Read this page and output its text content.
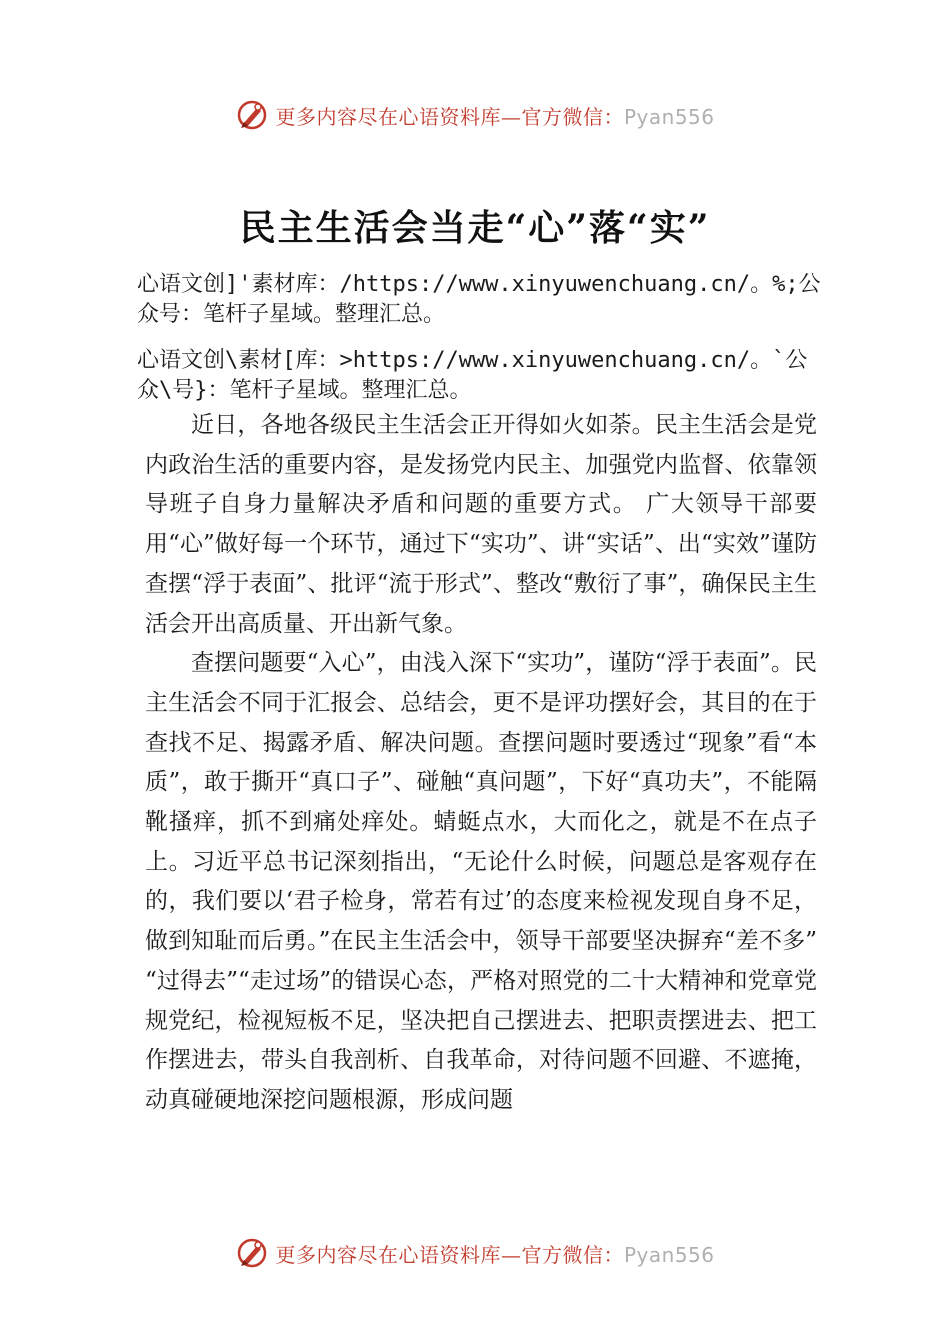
更多内容尽在心语资料库—官方微信：Pyan556
民主生活会当走“心”落“实”
心语文创]'素材库：/https://www.xinyuwenchuang.cn/。%;公众号：笔杆子星域。整理汇总。
心语文创\素材[库：>https://www.xinyuwenchuang.cn/。`公众\号}：笔杆子星域。整理汇总。

近日，各地各级民主生活会正开得如火如荼。民主生活会是党内政治生活的重要内容，是发扬党内民主、加强党内监督、依靠领导班子自身力量解决矛盾和问题的重要方式。 广大领导干部要用“心”做好每一个环节，通过下“实功”、讲“实话”、出“实效”谨防查摆“浮于表面”、批评“流于形式”、整改“敷衍了事”，确保民主生活会开出高质量、开出新气象。

查摆问题要“入心”，由浅入深下“实功”，谨防“浮于表面”。民主生活会不同于汇报会、总结会，更不是评功摆好会，其目的在于查找不足、揭露矛盾、解决问题。查摆问题时要透过“现象”看“本质”，敢于撕开“真口子”、碰触“真问题”，下好“真功夫”，不能隔靴搔痒，抓不到痛处痒处。蜻蜓点水，大而化之，就是不在点子上。习近平总书记深刻指出，“无论什么时候，问题总是客观存在的，我们要以‘君子检身，常若有过’的态度来检视发现自身不足，做到知耻而后勇。”在民主生活会中，领导干部要坚决摒弃“差不多” “过得去”“走过场”的错误心态，严格对照党的二十大精神和党章党规党纪，检视短板不足，坚决把自己摆进去、把职责摆进去、把工作摆进去，带头自我剖析、自我革命，对待问题不回避、不遮掩，动真碰硬地深挖问题根源，形成问题

更多内容尽在心语资料库—官方微信：Pyan556
